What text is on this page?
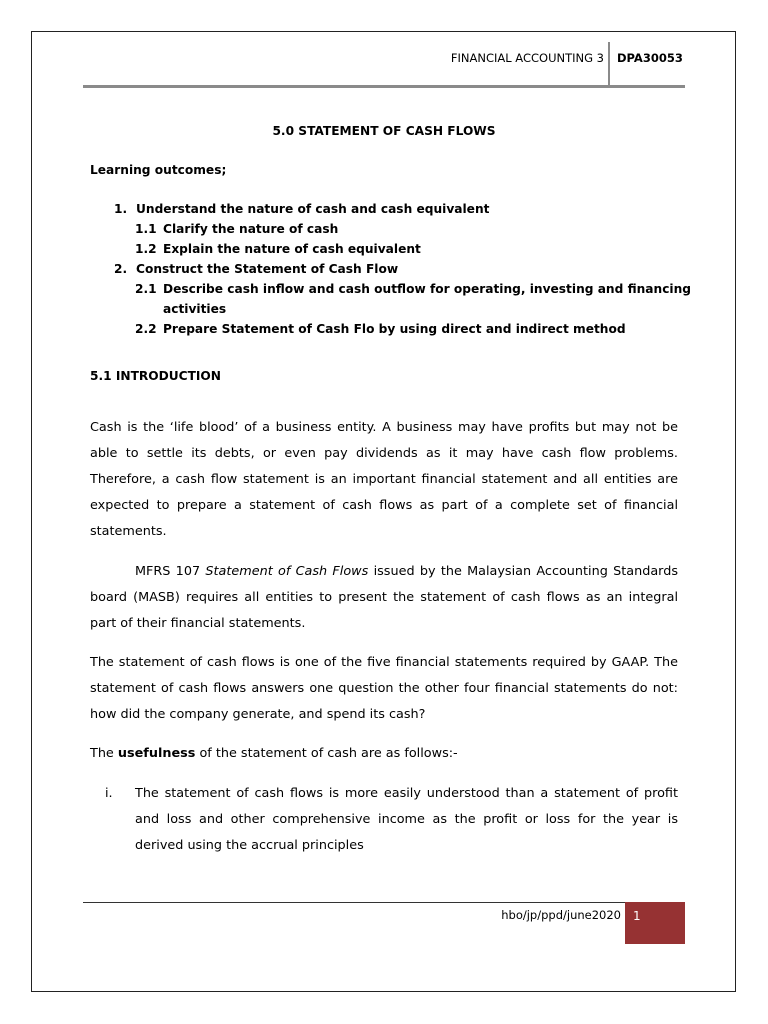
FINANCIAL ACCOUNTING 3 DPA30053
5.0 STATEMENT OF CASH FLOWS
Learning outcomes;
1. Understand the nature of cash and cash equivalent
1.1 Clarify the nature of cash
1.2 Explain the nature of cash equivalent
2. Construct the Statement of Cash Flow
2.1 Describe cash inflow and cash outflow for operating, investing and financing
activities
2.2 Prepare Statement of Cash Flo by using direct and indirect method
5.1 INTRODUCTION
Cash is the ‘life blood’ of a business entity. A business may have profits but may not be able to settle its debts, or even pay dividends as it may have cash flow problems. Therefore, a cash flow statement is an important financial statement and all entities are expected to prepare a statement of cash flows as part of a complete set of financial statements.
MFRS 107 Statement of Cash Flows issued by the Malaysian Accounting Standards board (MASB) requires all entities to present the statement of cash flows as an integral part of their financial statements.
The statement of cash flows is one of the five financial statements required by GAAP. The statement of cash flows answers one question the other four financial statements do not: how did the company generate, and spend its cash?
The usefulness of the statement of cash are as follows:-
i. The statement of cash flows is more easily understood than a statement of profit and loss and other comprehensive income as the profit or loss for the year is derived using the accrual principles
hbo/jp/ppd/june2020	1
